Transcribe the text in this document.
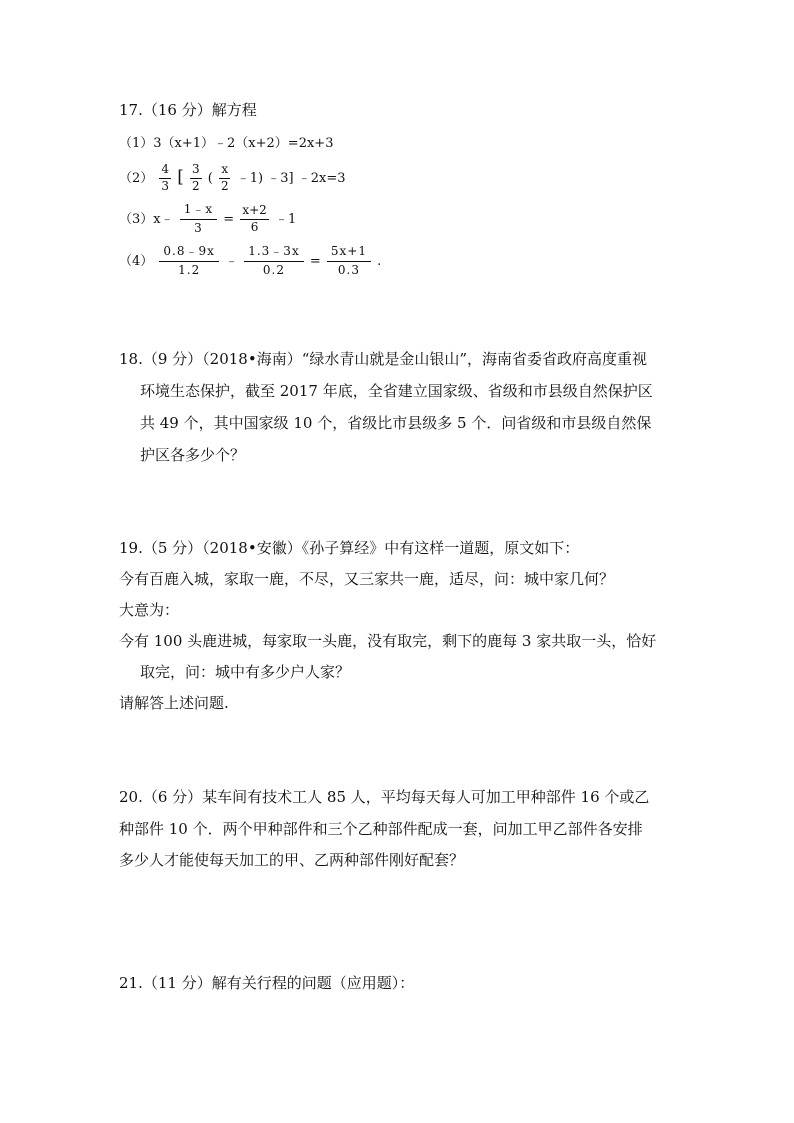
17.（16 分）解方程
（1）3（x+1）﹣2（x+2）=2x+3
$(2) \frac{4}{3}$ [ $\frac{3}{2}$ ( $\frac{x}{2}$ ﹣1) ﹣3] ﹣2x=3
（3）x﹣ $\frac{1﹣x}{3} = \frac{x+2}{6}$ ﹣1
$(4) \frac{0.8﹣9x}{1.2}$ ﹣ $\frac{1.3﹣3x}{0.2} = \frac{5x+1}{0.3}$ .
18.（9 分）（2018•海南）“绿水青山就是金山银山”，海南省委省政府高度重视
环境生态保护，截至 2017 年底，全省建立国家级、省级和市县级自然保护区
共 49 个，其中国家级 10 个，省级比市县级多 5 个．问省级和市县级自然保
护区各多少个？
19.（5 分）（2018•安徽）《孙子算经》中有这样一道题，原文如下：
今有百鹿入城，家取一鹿，不尽，又三家共一鹿，适尽，问：城中家几何？
大意为：
今有 100 头鹿进城，每家取一头鹿，没有取完，剩下的鹿每 3 家共取一头，恰好
取完，问：城中有多少户人家？
请解答上述问题.
20.（6 分）某车间有技术工人 85 人，平均每天每人可加工甲种部件 16 个或乙
种部件 10 个．两个甲种部件和三个乙种部件配成一套，问加工甲乙部件各安排
多少人才能使每天加工的甲、乙两种部件刚好配套？
21.（11 分）解有关行程的问题（应用题）：
